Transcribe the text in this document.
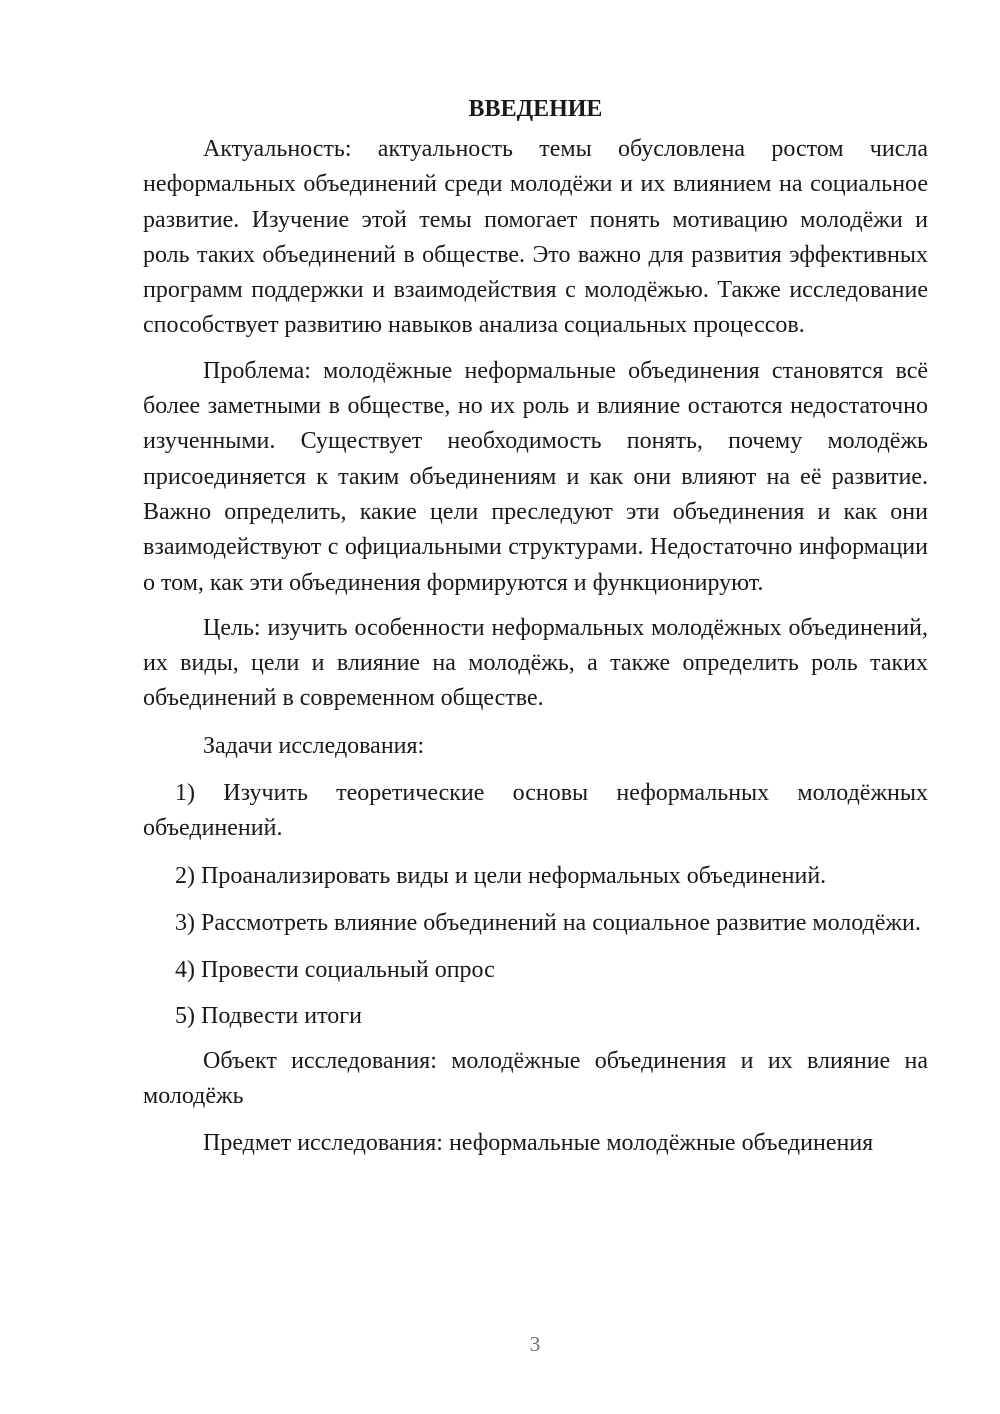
ВВЕДЕНИЕ

Актуальность: актуальность темы обусловлена ростом числа неформальных объединений среди молодёжи и их влиянием на социальное развитие. Изучение этой темы помогает понять мотивацию молодёжи и роль таких объединений в обществе. Это важно для развития эффективных программ поддержки и взаимодействия с молодёжью. Также исследование способствует развитию навыков анализа социальных процессов.

Проблема: молодёжные неформальные объединения становятся всё более заметными в обществе, но их роль и влияние остаются недостаточно изученными. Существует необходимость понять, почему молодёжь присоединяется к таким объединениям и как они влияют на её развитие. Важно определить, какие цели преследуют эти объединения и как они взаимодействуют с официальными структурами. Недостаточно информации о том, как эти объединения формируются и функционируют.

Цель: изучить особенности неформальных молодёжных объединений, их виды, цели и влияние на молодёжь, а также определить роль таких объединений в современном обществе.

Задачи исследования:

1) Изучить теоретические основы неформальных молодёжных объединений.

2) Проанализировать виды и цели неформальных объединений.

3) Рассмотреть влияние объединений на социальное развитие молодёжи.

4) Провести социальный опрос

5) Подвести итоги

Объект исследования: молодёжные объединения и их влияние на молодёжь

Предмет исследования: неформальные молодёжные объединения

3
